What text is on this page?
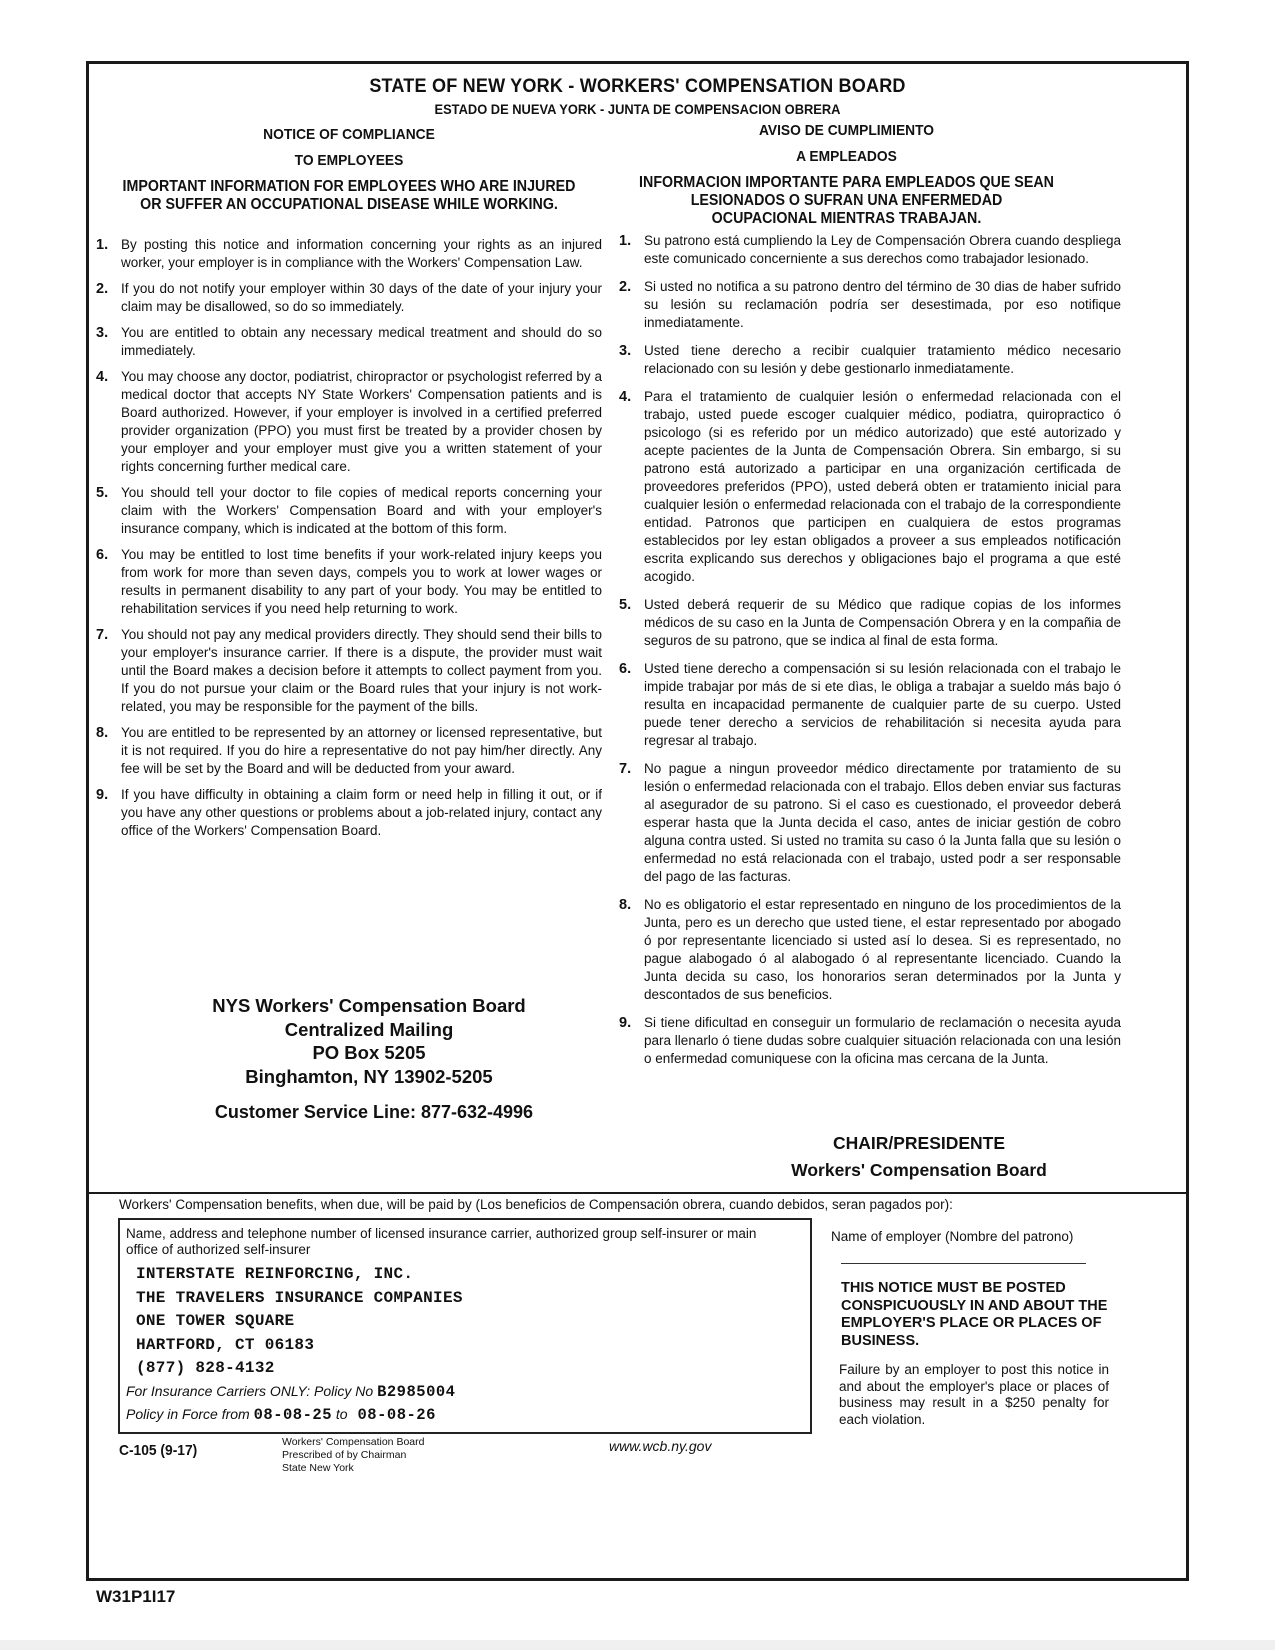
STATE OF NEW YORK - WORKERS' COMPENSATION BOARD
ESTADO DE NUEVA YORK - JUNTA DE COMPENSACION OBRERA
NOTICE OF COMPLIANCE
TO EMPLOYEES
IMPORTANT INFORMATION FOR EMPLOYEES WHO ARE INJURED OR SUFFER AN OCCUPATIONAL DISEASE WHILE WORKING.
AVISO DE CUMPLIMIENTO
A EMPLEADOS
INFORMACION IMPORTANTE PARA EMPLEADOS QUE SEAN LESIONADOS O SUFRAN UNA ENFERMEDAD OCUPACIONAL MIENTRAS TRABAJAN.
1. By posting this notice and information concerning your rights as an injured worker, your employer is in compliance with the Workers' Compensation Law.
2. If you do not notify your employer within 30 days of the date of your injury your claim may be disallowed, so do so immediately.
3. You are entitled to obtain any necessary medical treatment and should do so immediately.
4. You may choose any doctor, podiatrist, chiropractor or psychologist referred by a medical doctor that accepts NY State Workers' Compensation patients and is Board authorized. However, if your employer is involved in a certified preferred provider organization (PPO) you must first be treated by a provider chosen by your employer and your employer must give you a written statement of your rights concerning further medical care.
5. You should tell your doctor to file copies of medical reports concerning your claim with the Workers' Compensation Board and with your employer's insurance company, which is indicated at the bottom of this form.
6. You may be entitled to lost time benefits if your work-related injury keeps you from work for more than seven days, compels you to work at lower wages or results in permanent disability to any part of your body. You may be entitled to rehabilitation services if you need help returning to work.
7. You should not pay any medical providers directly. They should send their bills to your employer's insurance carrier. If there is a dispute, the provider must wait until the Board makes a decision before it attempts to collect payment from you. If you do not pursue your claim or the Board rules that your injury is not work-related, you may be responsible for the payment of the bills.
8. You are entitled to be represented by an attorney or licensed representative, but it is not required. If you do hire a representative do not pay him/her directly. Any fee will be set by the Board and will be deducted from your award.
9. If you have difficulty in obtaining a claim form or need help in filling it out, or if you have any other questions or problems about a job-related injury, contact any office of the Workers' Compensation Board.
1. Su patrono está cumpliendo la Ley de Compensación Obrera cuando despliega este comunicado concerniente a sus derechos como trabajador lesionado.
2. Si usted no notifica a su patrono dentro del término de 30 dias de haber sufrido su lesión su reclamación podría ser desestimada, por eso notifique inmediatamente.
3. Usted tiene derecho a recibir cualquier tratamiento médico necesario relacionado con su lesión y debe gestionarlo inmediatamente.
4. Para el tratamiento de cualquier lesión o enfermedad relacionada con el trabajo, usted puede escoger cualquier médico, podiatra, quiropractico ó psicologo (si es referido por un médico autorizado) que esté autorizado y acepte pacientes de la Junta de Compensación Obrera. Sin embargo, si su patrono está autorizado a participar en una organización certificada de proveedores preferidos (PPO), usted deberá obten er tratamiento inicial para cualquier lesión o enfermedad relacionada con el trabajo de la correspondiente entidad. Patronos que participen en cualquiera de estos programas establecidos por ley estan obligados a proveer a sus empleados notificación escrita explicando sus derechos y obligaciones bajo el programa a que esté acogido.
5. Usted deberá requerir de su Médico que radique copias de los informes médicos de su caso en la Junta de Compensación Obrera y en la compañia de seguros de su patrono, que se indica al final de esta forma.
6. Usted tiene derecho a compensación si su lesión relacionada con el trabajo le impide trabajar por más de si ete dìas, le obliga a trabajar a sueldo más bajo ó resulta en incapacidad permanente de cualquier parte de su cuerpo. Usted puede tener derecho a servicios de rehabilitación si necesita ayuda para regresar al trabajo.
7. No pague a ningun proveedor médico directamente por tratamiento de su lesión o enfermedad relacionada con el trabajo. Ellos deben enviar sus facturas al asegurador de su patrono. Si el caso es cuestionado, el proveedor deberá esperar hasta que la Junta decida el caso, antes de iniciar gestión de cobro alguna contra usted. Si usted no tramita su caso ó la Junta falla que su lesión o enfermedad no está relacionada con el trabajo, usted podr a ser responsable del pago de las facturas.
8. No es obligatorio el estar representado en ninguno de los procedimientos de la Junta, pero es un derecho que usted tiene, el estar representado por abogado ó por representante licenciado si usted así lo desea. Si es representado, no pague alabogado ó al alabogado ó al representante licenciado. Cuando la Junta decida su caso, los honorarios seran determinados por la Junta y descontados de sus beneficios.
9. Si tiene dificultad en conseguir un formulario de reclamación o necesita ayuda para llenarlo ó tiene dudas sobre cualquier situación relacionada con una lesión o enfermedad comuniquese con la oficina mas cercana de la Junta.
NYS Workers' Compensation Board
Centralized Mailing
PO Box 5205
Binghamton, NY 13902-5205
Customer Service Line: 877-632-4996
CHAIR/PRESIDENTE
Workers' Compensation Board
Workers' Compensation benefits, when due, will be paid by (Los beneficios de Compensación obrera, cuando debidos, seran pagados por):
Name, address and telephone number of licensed insurance carrier, authorized group self-insurer or main office of authorized self-insurer
INTERSTATE REINFORCING, INC.
THE TRAVELERS INSURANCE COMPANIES
ONE TOWER SQUARE
HARTFORD, CT 06183
(877) 828-4132
For Insurance Carriers ONLY: Policy No B2985004
Policy in Force from 08-08-25 to 08-08-26
Name of employer (Nombre del patrono)
THIS NOTICE MUST BE POSTED CONSPICUOUSLY IN AND ABOUT THE EMPLOYER'S PLACE OR PLACES OF BUSINESS.
Failure by an employer to post this notice in and about the employer's place or places of business may result in a $250 penalty for each violation.
C-105 (9-17)	Workers' Compensation Board
Prescribed of by Chairman
State New York
www.wcb.ny.gov
W31P1I17
